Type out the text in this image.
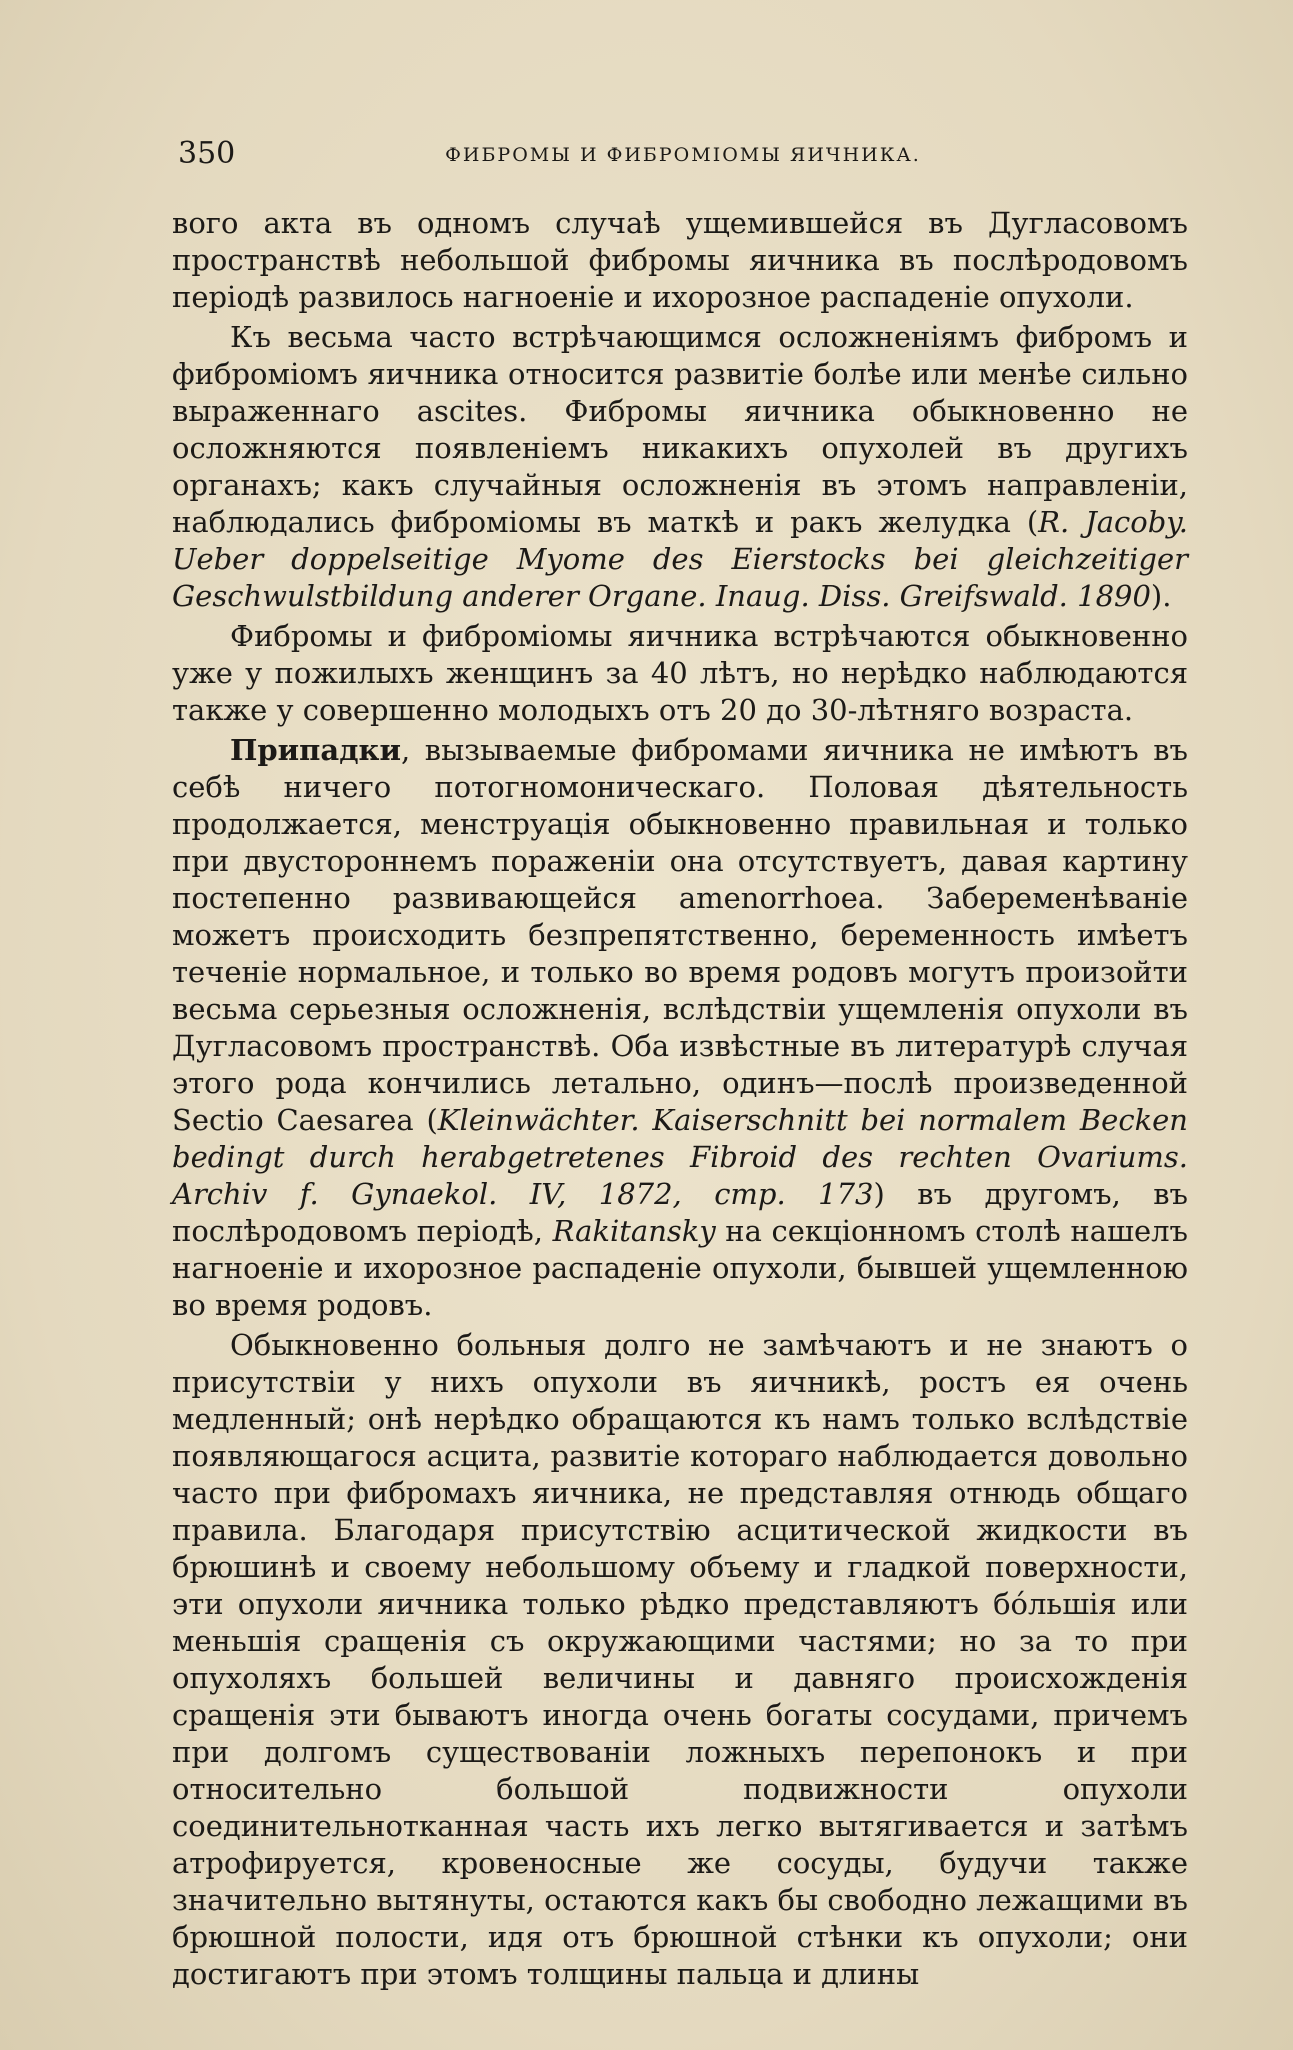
350	ФИБРОМЫ И ФИБРОМІОМЫ ЯИЧНИКА.

вого акта въ одномъ случаѣ ущемившейся въ Дугласовомъ пространствѣ небольшой фибромы яичника въ послѣродовомъ періодѣ развилось нагноеніе и ихорозное распаденіе опухоли.

Къ весьма часто встрѣчающимся осложненіямъ фибромъ и фиброміомъ яичника относится развитіе болѣе или менѣе сильно выраженнаго ascites. Фибромы яичника обыкновенно не осложняются появленіемъ никакихъ опухолей въ другихъ органахъ; какъ случайныя осложненія въ этомъ направленіи, наблюдались фиброміомы въ маткѣ и ракъ желудка (R. Jacoby. Ueber doppelseitige Myome des Eierstocks bei gleichzeitiger Geschwulstbildung anderer Organe. Inaug. Diss. Greifswald. 1890).

Фибромы и фиброміомы яичника встрѣчаются обыкновенно уже у пожилыхъ женщинъ за 40 лѣтъ, но нерѣдко наблюдаются также у совершенно молодыхъ отъ 20 до 30-лѣтняго возраста.

Припадки, вызываемые фибромами яичника не имѣютъ въ себѣ ничего потогномоническаго. Половая дѣятельность продолжается, менструація обыкновенно правильная и только при двустороннемъ пораженіи она отсутствуетъ, давая картину постепенно развивающейся amenorrhoea. Забеременѣваніе можетъ происходить безпрепятственно, беременность имѣетъ теченіе нормальное, и только во время родовъ могутъ произойти весьма серьезныя осложненія, вслѣдствіи ущемленія опухоли въ Дугласовомъ пространствѣ. Оба извѣстные въ литературѣ случая этого рода кончились летально, одинъ—послѣ произведенной Sectio Caesarea (Kleinwächter. Kaiserschnitt bei normalem Becken bedingt durch herabgetretenes Fibroid des rechten Ovariums. Archiv f. Gynaekol. IV, 1872, стр. 173) въ другомъ, въ послѣродовомъ періодѣ, Rakitansky на секціонномъ столѣ нашелъ нагноеніе и ихорозное распаденіе опухоли, бывшей ущемленною во время родовъ.

Обыкновенно больныя долго не замѣчаютъ и не знаютъ о присутствіи у нихъ опухоли въ яичникѣ, ростъ ея очень медленный; онѣ нерѣдко обращаются къ намъ только вслѣдствіе появляющагося асцита, развитіе котораго наблюдается довольно часто при фибромахъ яичника, не представляя отнюдь общаго правила. Благодаря присутствію асцитической жидкости въ брюшинѣ и своему небольшому объему и гладкой поверхности, эти опухоли яичника только рѣдко представляютъ бóльшія или меньшія сращенія съ окружающими частями; но за то при опухоляхъ большей величины и давняго происхожденія сращенія эти бываютъ иногда очень богаты сосудами, причемъ при долгомъ существованіи ложныхъ перепонокъ и при относительно большой подвижности опухоли соединительнотканная часть ихъ легко вытягивается и затѣмъ атрофируется, кровеносные же сосуды, будучи также значительно вытянуты, остаются какъ бы свободно лежащими въ брюшной полости, идя отъ брюшной стѣнки къ опухоли; они достигаютъ при этомъ толщины пальца и длины
